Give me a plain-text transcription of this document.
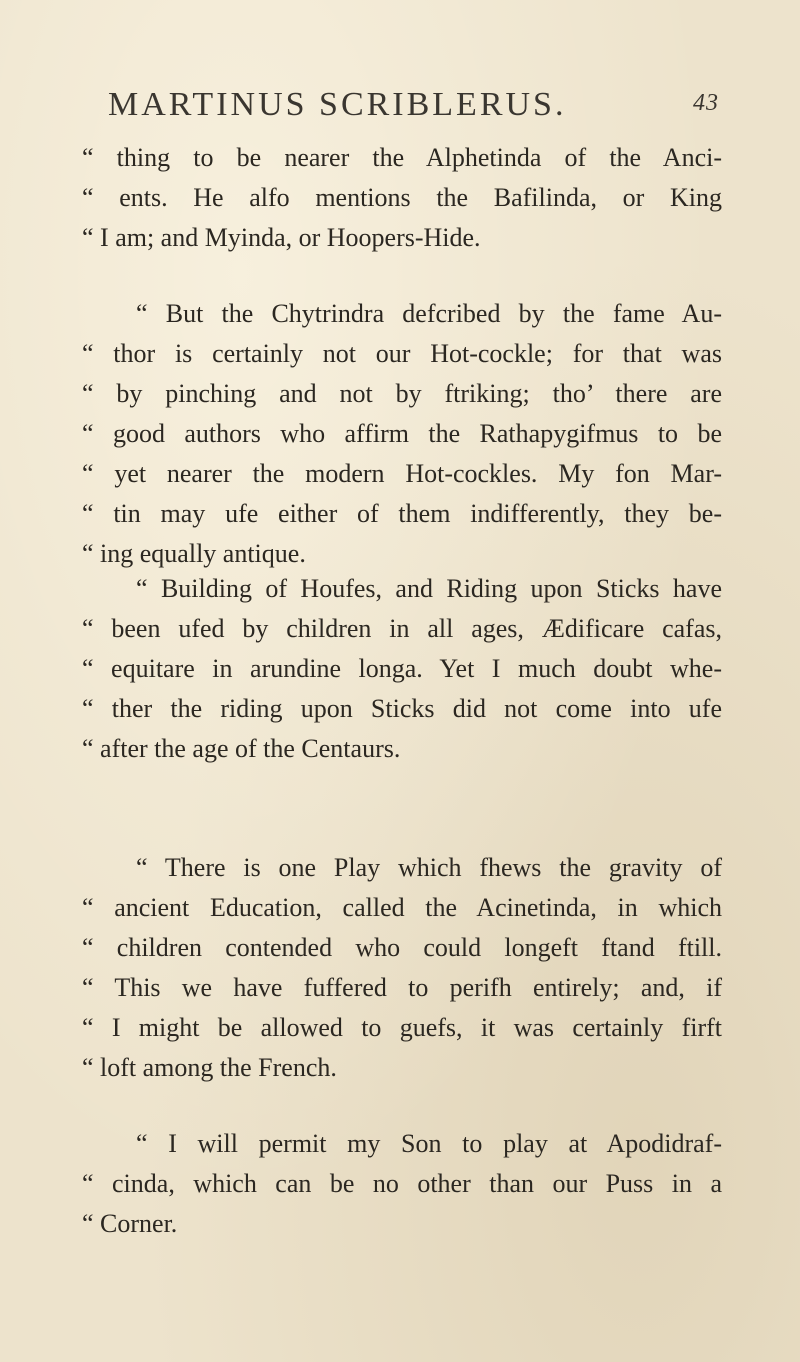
MARTINUS SCRIBLERUS.	43
“ thing to be nearer the Alphetinda of the Anci-
“ ents. He alfo mentions the Bafilinda, or King
“ I am; and Myinda, or Hoopers-Hide.
“ But the Chytrindra defcribed by the fame Au-
“ thor is certainly not our Hot-cockle; for that was
“ by pinching and not by ftriking; tho’ there are
“ good authors who affirm the Rathapygifmus to be
“ yet nearer the modern Hot-cockles. My fon Mar-
“ tin may ufe either of them indifferently, they be-
“ ing equally antique.
“ Building of Houfes, and Riding upon Sticks have
“ been ufed by children in all ages, Ædificare cafas,
“ equitare in arundine longa. Yet I much doubt whe-
“ ther the riding upon Sticks did not come into ufe
“ after the age of the Centaurs.
“ There is one Play which fhews the gravity of
“ ancient Education, called the Acinetinda, in which
“ children contended who could longeft ftand ftill.
“ This we have fuffered to perifh entirely; and, if
“ I might be allowed to guefs, it was certainly firft
“ loft among the French.
“ I will permit my Son to play at Apodidraf-
“ cinda, which can be no other than our Puss in a
“ Corner.
